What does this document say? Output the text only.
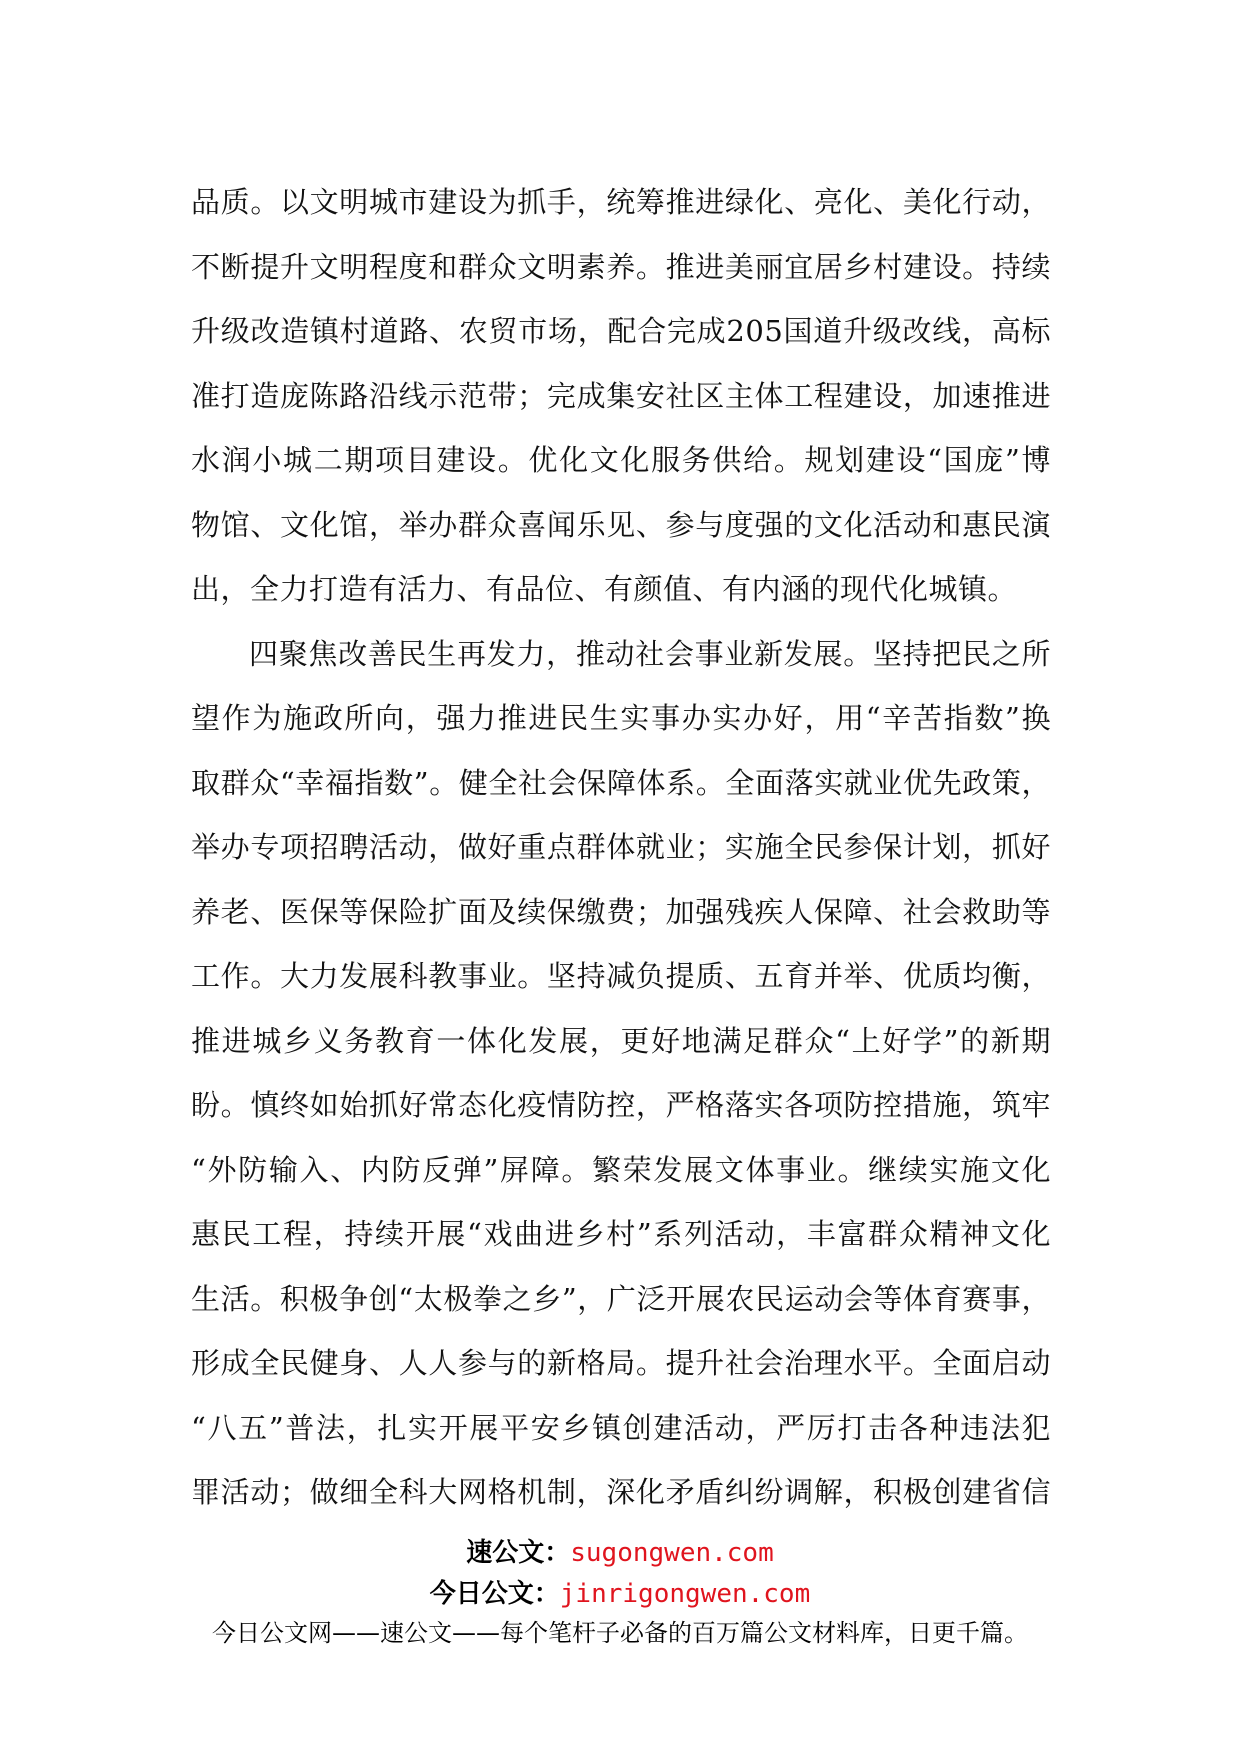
品质。以文明城市建设为抓手，统筹推进绿化、亮化、美化行动，
不断提升文明程度和群众文明素养。推进美丽宜居乡村建设。持续
升级改造镇村道路、农贸市场，配合完成205国道升级改线，高标
准打造庞陈路沿线示范带；完成集安社区主体工程建设，加速推进
水润小城二期项目建设。优化文化服务供给。规划建设“国庞”博
物馆、文化馆，举办群众喜闻乐见、参与度强的文化活动和惠民演
出，全力打造有活力、有品位、有颜值、有内涵的现代化城镇。
四聚焦改善民生再发力，推动社会事业新发展。坚持把民之所
望作为施政所向，强力推进民生实事办实办好，用“辛苦指数”换
取群众“幸福指数”。健全社会保障体系。全面落实就业优先政策，
举办专项招聘活动，做好重点群体就业；实施全民参保计划，抓好
养老、医保等保险扩面及续保缴费；加强残疾人保障、社会救助等
工作。大力发展科教事业。坚持减负提质、五育并举、优质均衡，
推进城乡义务教育一体化发展，更好地满足群众“上好学”的新期
盼。慎终如始抓好常态化疫情防控，严格落实各项防控措施，筑牢
“外防输入、内防反弹”屏障。繁荣发展文体事业。继续实施文化
惠民工程，持续开展“戏曲进乡村”系列活动，丰富群众精神文化
生活。积极争创“太极拳之乡”，广泛开展农民运动会等体育赛事，
形成全民健身、人人参与的新格局。提升社会治理水平。全面启动
“八五”普法，扎实开展平安乡镇创建活动，严厉打击各种违法犯
罪活动；做细全科大网格机制，深化矛盾纠纷调解，积极创建省信
速公文：sugongwen.com
今日公文：jinrigongwen.com
今日公文网——速公文——每个笔杆子必备的百万篇公文材料库，日更千篇。
